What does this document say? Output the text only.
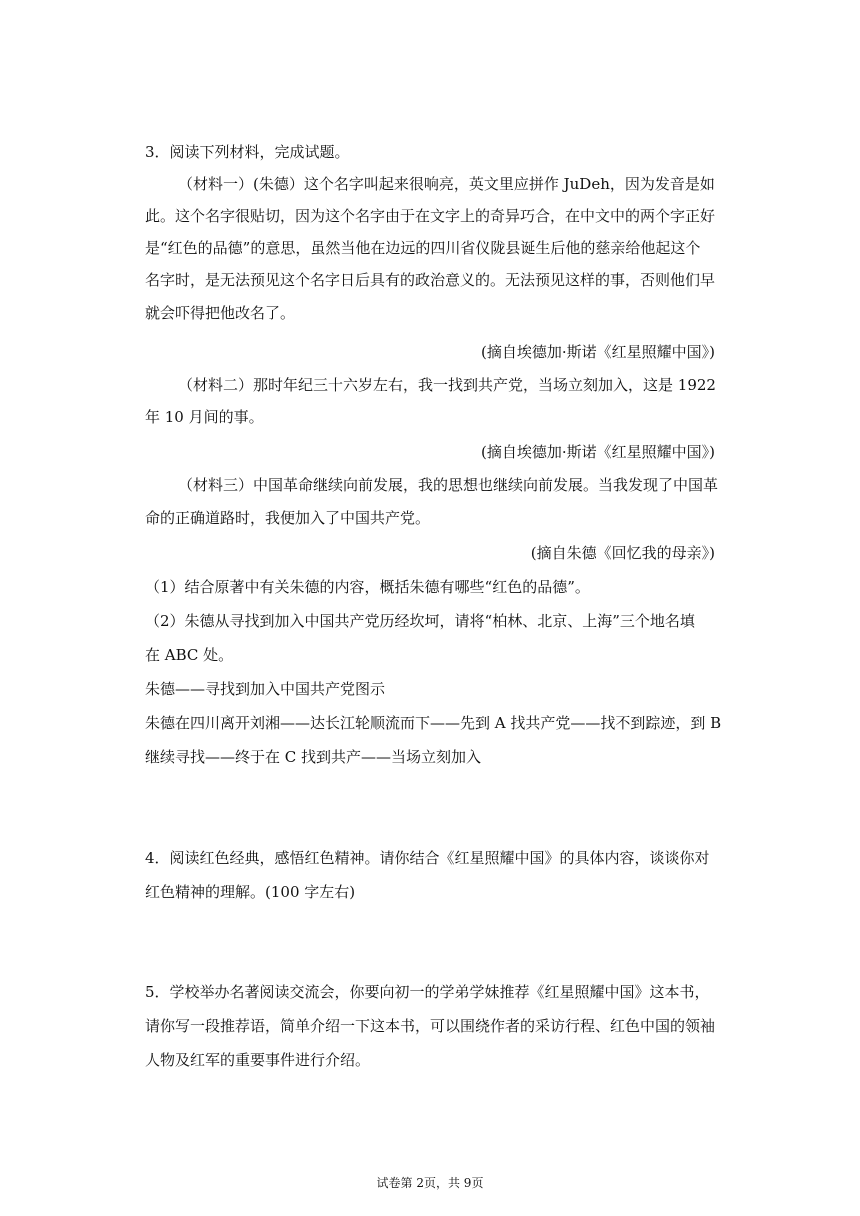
3．阅读下列材料，完成试题。
（材料一）(朱德）这个名字叫起来很响亮，英文里应拼作 JuDeh，因为发音是如
此。这个名字很贴切，因为这个名字由于在文字上的奇异巧合，在中文中的两个字正好
是“红色的品德”的意思，虽然当他在边远的四川省仪陇县诞生后他的慈亲给他起这个
名字时，是无法预见这个名字日后具有的政治意义的。无法预见这样的事，否则他们早
就会吓得把他改名了。
(摘自埃德加·斯诺《红星照耀中国》)
（材料二）那时年纪三十六岁左右，我一找到共产党，当场立刻加入，这是 1922
年 10 月间的事。
(摘自埃德加·斯诺《红星照耀中国》)
（材料三）中国革命继续向前发展，我的思想也继续向前发展。当我发现了中国革
命的正确道路时，我便加入了中国共产党。
(摘自朱德《回忆我的母亲》)
（1）结合原著中有关朱德的内容，概括朱德有哪些“红色的品德”。
（2）朱德从寻找到加入中国共产党历经坎坷，请将“柏林、北京、上海”三个地名填
在 ABC 处。
朱德——寻找到加入中国共产党图示
朱德在四川离开刘湘——达长江轮顺流而下——先到 A 找共产党——找不到踪迹，到 B
继续寻找——终于在 C 找到共产——当场立刻加入
4．阅读红色经典，感悟红色精神。请你结合《红星照耀中国》的具体内容，谈谈你对
红色精神的理解。(100 字左右)
5．学校举办名著阅读交流会，你要向初一的学弟学妹推荐《红星照耀中国》这本书，
请你写一段推荐语，简单介绍一下这本书，可以围绕作者的采访行程、红色中国的领袖
人物及红军的重要事件进行介绍。
试卷第 2页，共 9页
